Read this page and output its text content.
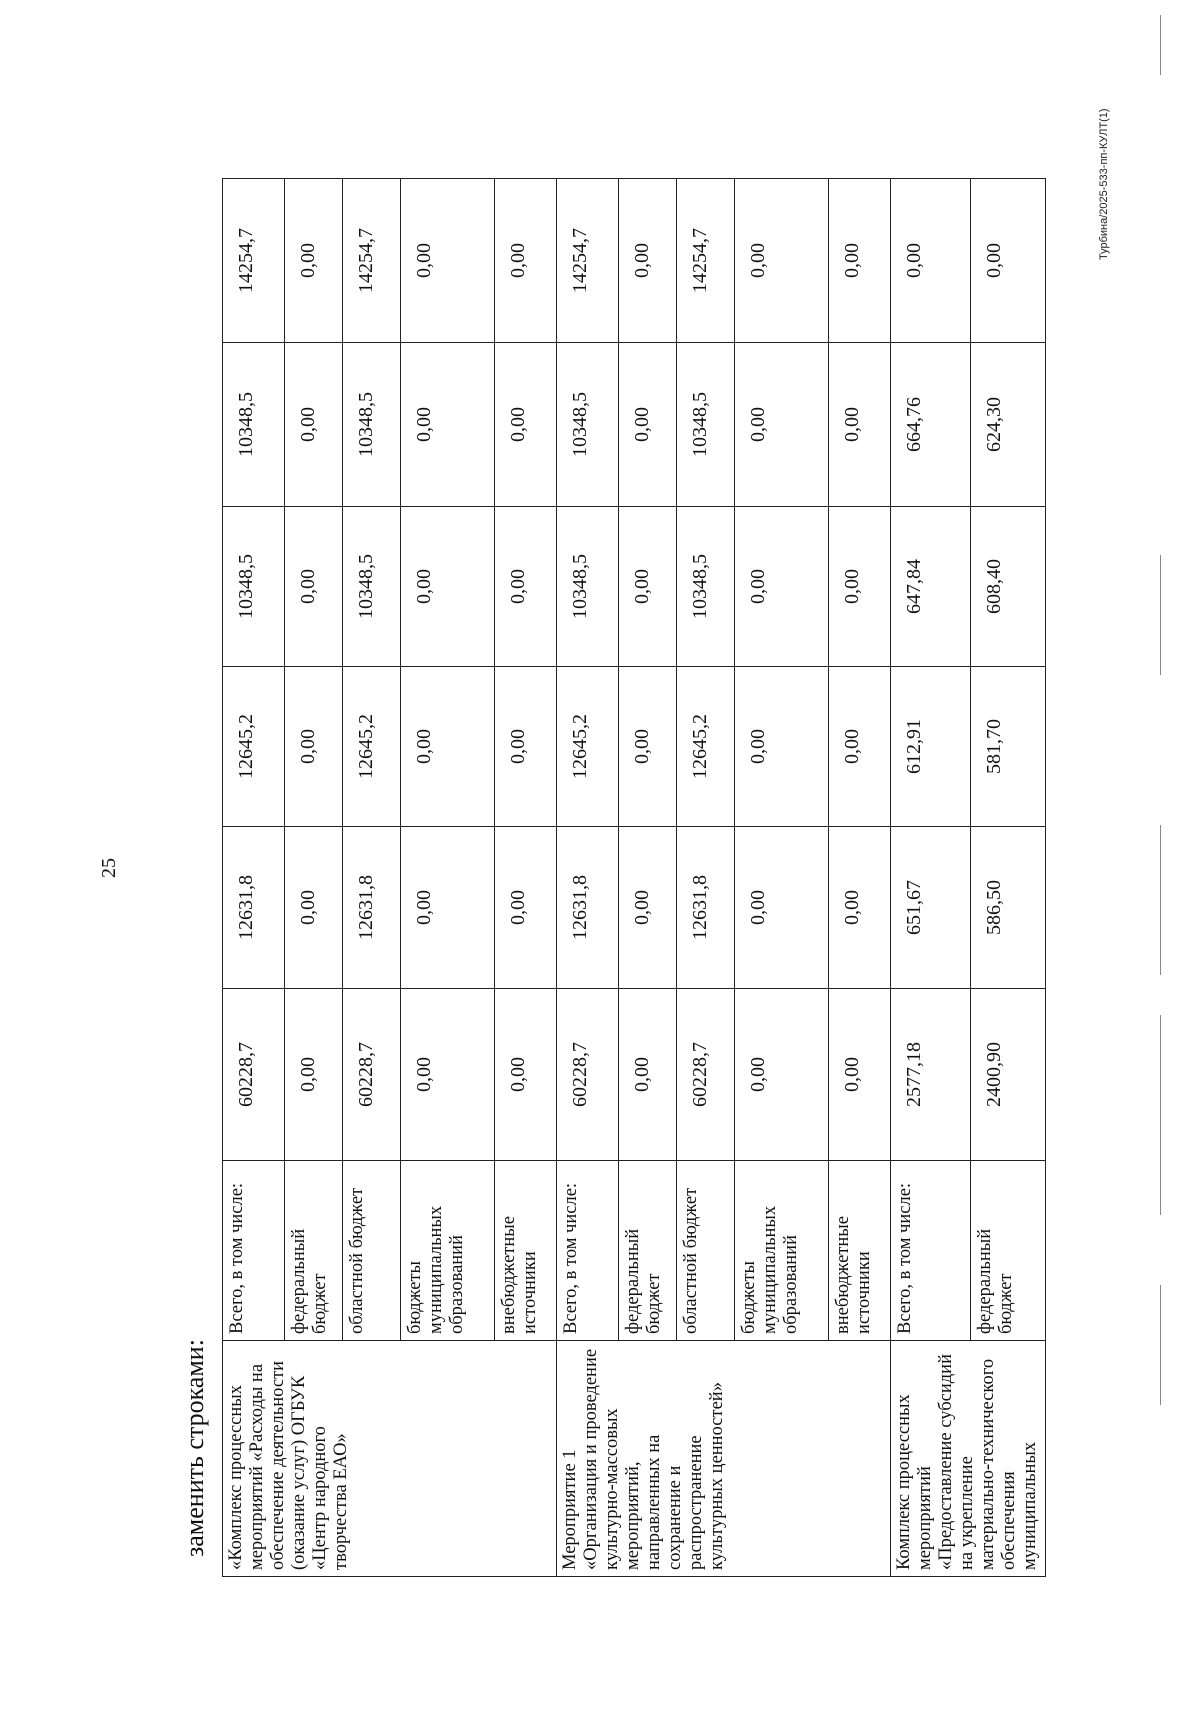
25
заменить строками: «Комплекс процессных мероприятий «Расходы на обеспечение деятельности (оказание услуг) ОГБУК «Центр народного творчества ЕАО»	Всего, в том числе:	60228,7	12631,8	12645,2	10348,5	10348,5	14254,7
	федеральный бюджет	0,00	0,00	0,00	0,00	0,00	0,00
	областной бюджет	60228,7	12631,8	12645,2	10348,5	10348,5	14254,7
	бюджеты муниципальных образований	0,00	0,00	0,00	0,00	0,00	0,00
	внебюджетные источники	0,00	0,00	0,00	0,00	0,00	0,00
Мероприятие 1 «Организация и проведение культурно-массовых мероприятий, направленных на сохранение и распространение культурных ценностей»	Всего, в том числе:	60228,7	12631,8	12645,2	10348,5	10348,5	14254,7
	федеральный бюджет	0,00	0,00	0,00	0,00	0,00	0,00
	областной бюджет	60228,7	12631,8	12645,2	10348,5	10348,5	14254,7
	бюджеты муниципальных образований	0,00	0,00	0,00	0,00	0,00	0,00
	внебюджетные источники	0,00	0,00	0,00	0,00	0,00	0,00
Комплекс процессных мероприятий «Предоставление субсидий на укрепление материально-технического обеспечения муниципальных	Всего, в том числе:	2577,18	651,67	612,91	647,84	664,76	0,00
	федеральный бюджет	2400,90	586,50	581,70	608,40	624,30	0,00
Турбина/2025-533-пп-КУЛТ(1)
